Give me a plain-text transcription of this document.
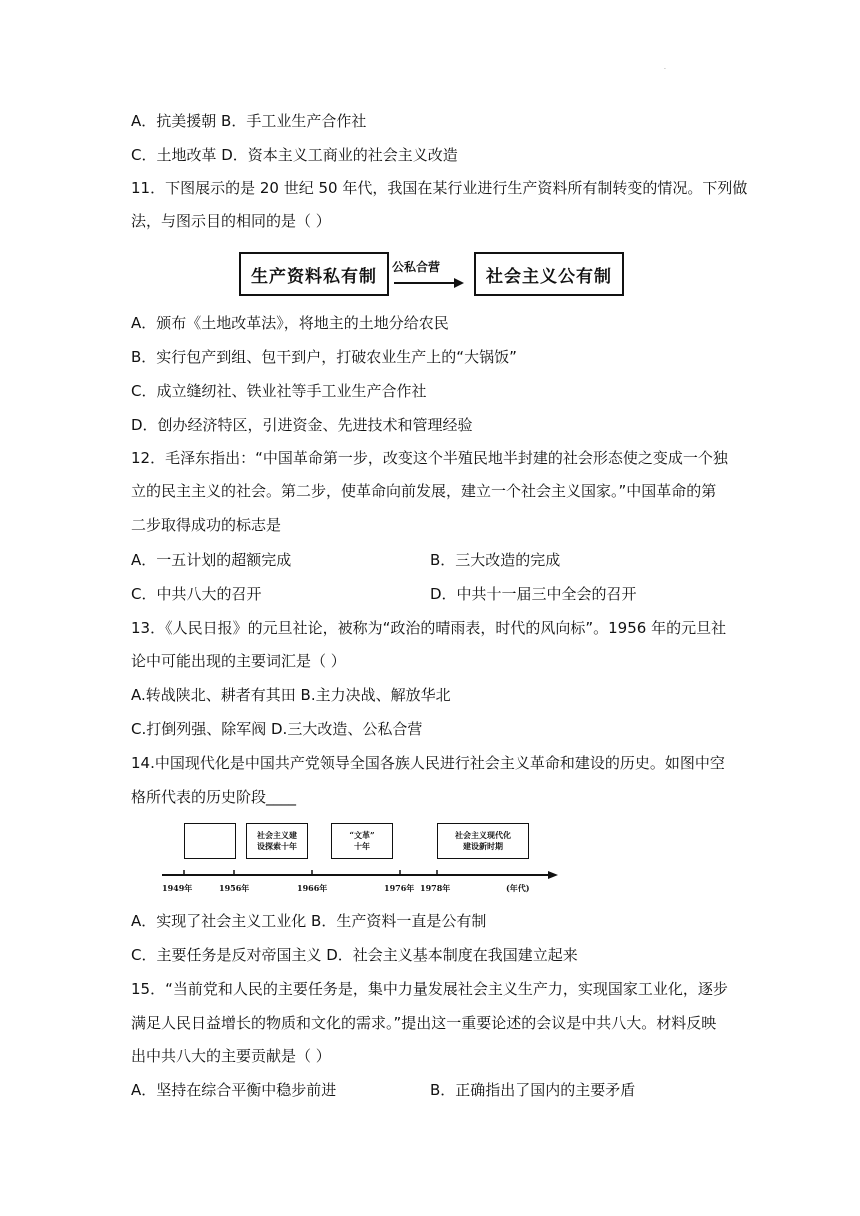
·
A．抗美援朝 B．手工业生产合作社
C．土地改革 D．资本主义工商业的社会主义改造
11．下图展示的是 20 世纪 50 年代，我国在某行业进行生产资料所有制转变的情况。下列做
法，与图示目的相同的是（ ）
生产资料私有制	公私合营	社会主义公有制
A．颁布《土地改革法》，将地主的土地分给农民
B．实行包产到组、包干到户，打破农业生产上的“大锅饭”
C．成立缝纫社、铁业社等手工业生产合作社
D．创办经济特区，引进资金、先进技术和管理经验
12．毛泽东指出：“中国革命第一步，改变这个半殖民地半封建的社会形态使之变成一个独
立的民主主义的社会。第二步，使革命向前发展，建立一个社会主义国家。”中国革命的第
二步取得成功的标志是
A．一五计划的超额完成	B．三大改造的完成
C．中共八大的召开	D．中共十一届三中全会的召开
13．《人民日报》的元旦社论，被称为“政治的晴雨表，时代的风向标”。1956 年的元旦社
论中可能出现的主要词汇是（ ）
A.转战陕北、耕者有其田 B.主力决战、解放华北
C.打倒列强、除军阀 D.三大改造、公私合营
14.中国现代化是中国共产党领导全国各族人民进行社会主义革命和建设的历史。如图中空
格所代表的历史阶段____
社会主义建
设探索十年
“文革”
十年
社会主义现代化
建设新时期
1949年	1956年	1966年	1976年 1978年	(年代)
A．实现了社会主义工业化 B．生产资料一直是公有制
C．主要任务是反对帝国主义 D．社会主义基本制度在我国建立起来
15．“当前党和人民的主要任务是，集中力量发展社会主义生产力，实现国家工业化，逐步
满足人民日益增长的物质和文化的需求。”提出这一重要论述的会议是中共八大。材料反映
出中共八大的主要贡献是（ ）
A．坚持在综合平衡中稳步前进	B．正确指出了国内的主要矛盾
